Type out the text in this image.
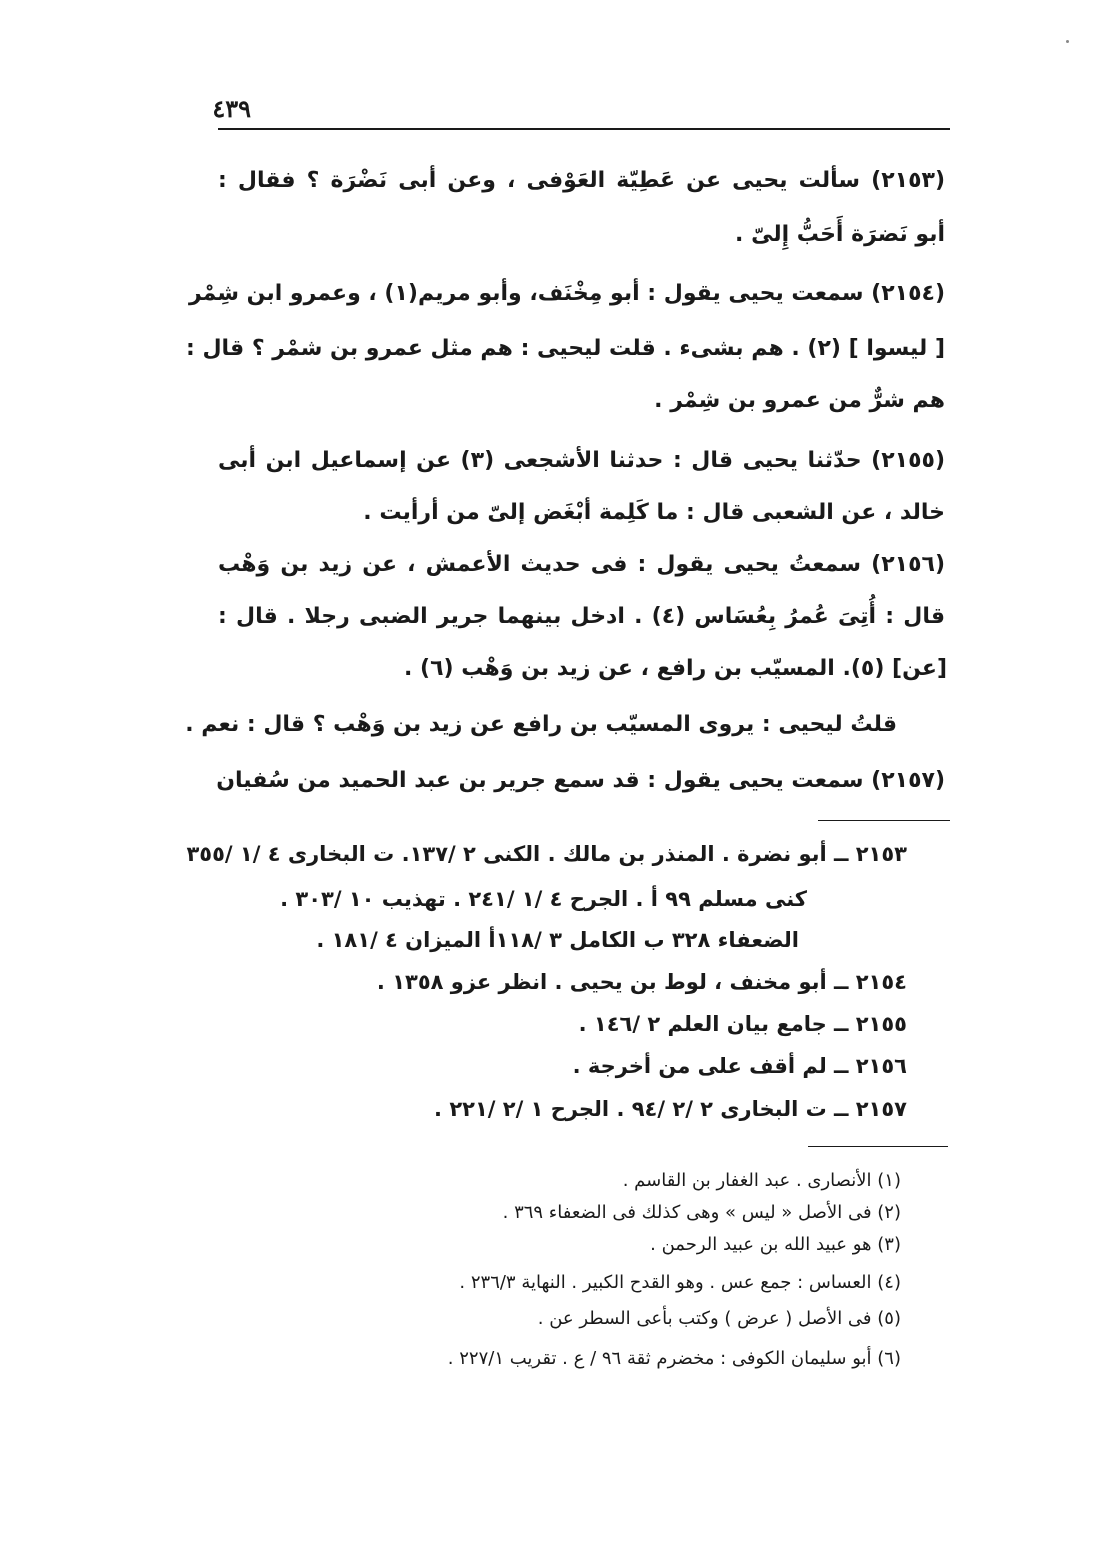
٤٣٩
(٢١٥٣) سألت يحيى عن عَطِيّة العَوْفى ، وعن أبى نَضْرَة ؟ فقال :
أبو نَضرَة أَحَبُّ إِلىّ .
(٢١٥٤) سمعت يحيى يقول : أبو مِخْنَف، وأبو مريم(١) ، وعمرو ابن شِمْر
[ ليسوا ] (٢) . هم بشىء . قلت ليحيى : هم مثل عمرو بن شمْر ؟ قال :
هم شرٌّ من عمرو بن شِمْر .
(٢١٥٥) حدّثنا يحيى قال : حدثنا الأشجعى (٣) عن إسماعيل ابن أبى
خالد ، عن الشعبى قال : ما كَلِمة أبْغَض إلىّ من أرأيت .
(٢١٥٦) سمعتُ يحيى يقول : فى حديث الأعمش ، عن زيد بن وَهْب
قال : أُتِىَ عُمرُ بِعُسَاس (٤) . ادخل بينهما جرير الضبى رجلا . قال :
[عن] (٥). المسيّب بن رافع ، عن زيد بن وَهْب (٦) .
قلتُ ليحيى : يروى المسيّب بن رافع عن زيد بن وَهْب ؟ قال : نعم .
(٢١٥٧) سمعت يحيى يقول : قد سمع جرير بن عبد الحميد من سُفيان
٢١٥٣ ــ أبو نضرة . المنذر بن مالك . الكنى ٢ /١٣٧. ت البخارى ٤ /١ /٣٥٥
كنى مسلم ٩٩ أ . الجرح ٤ /١ /٢٤١ . تهذيب ١٠ /٣٠٣ .
الضعفاء ٣٢٨ ب الكامل ٣ /١١٨أ الميزان ٤ /١٨١ .
٢١٥٤ ــ أبو مخنف ، لوط بن يحيى . انظر عزو ١٣٥٨ .
٢١٥٥ ــ جامع بيان العلم ٢ /١٤٦ .
٢١٥٦ ــ لم أقف على من أخرجة .
٢١٥٧ ــ ت البخارى ٢ /٢ /٩٤ . الجرح ١ /٢ /٢٢١ .
(١) الأنصارى . عبد الغفار بن القاسم .
(٢) فى الأصل « ليس » وهى كذلك فى الضعفاء ٣٦٩ .
(٣) هو عبيد الله بن عبيد الرحمن .
(٤) العساس : جمع عس . وهو القدح الكبير . النهاية ٢٣٦/٣ .
(٥) فى الأصل ( عرض ) وكتب بأعى السطر عن .
(٦) أبو سليمان الكوفى : مخضرم ثقة ٩٦ / ع . تقريب ٢٢٧/١ .
